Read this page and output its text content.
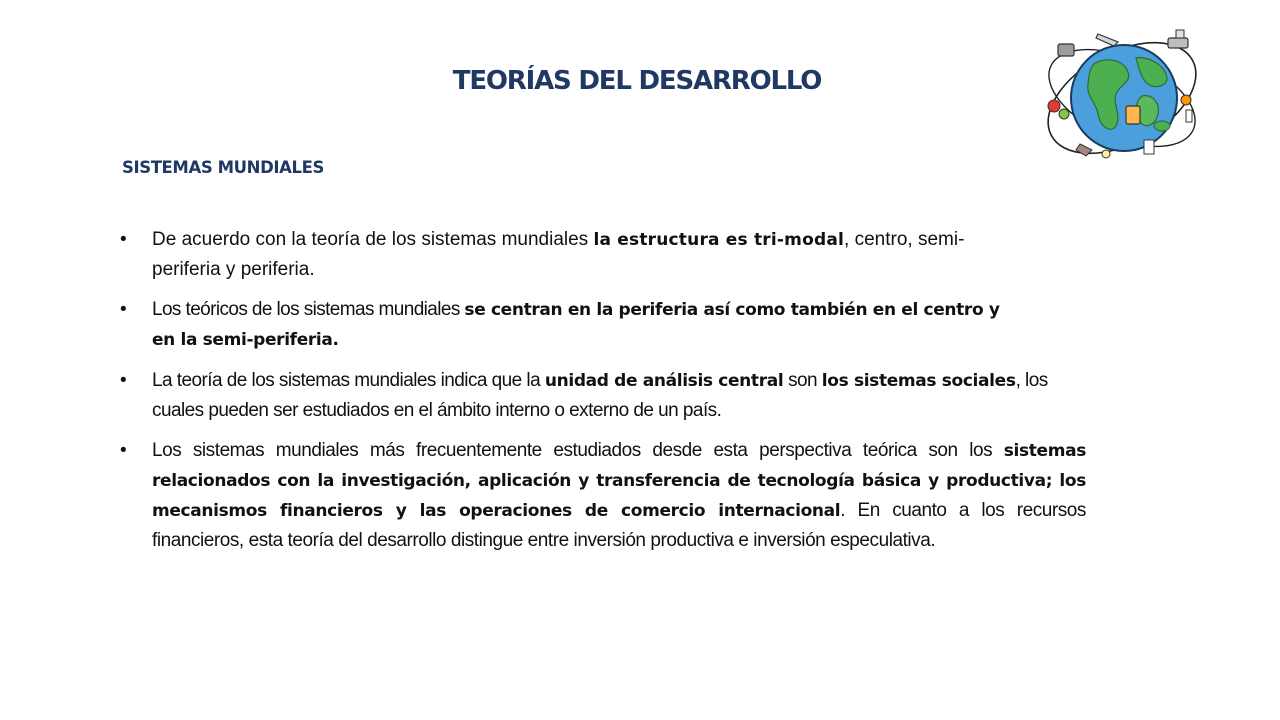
TEORÍAS DEL DESARROLLO
SISTEMAS MUNDIALES
• De acuerdo con la teoría de los sistemas mundiales la estructura es tri-modal, centro, semi-periferia y periferia.
• Los teóricos de los sistemas mundiales se centran en la periferia así como también en el centro y en la semi-periferia.
• La teoría de los sistemas mundiales indica que la unidad de análisis central son los sistemas sociales, los cuales pueden ser estudiados en el ámbito interno o externo de un país.
• Los sistemas mundiales más frecuentemente estudiados desde esta perspectiva teórica son los sistemas relacionados con la investigación, aplicación y transferencia de tecnología básica y productiva; los mecanismos financieros y las operaciones de comercio internacional. En cuanto a los recursos financieros, esta teoría del desarrollo distingue entre inversión productiva e inversión especulativa.
